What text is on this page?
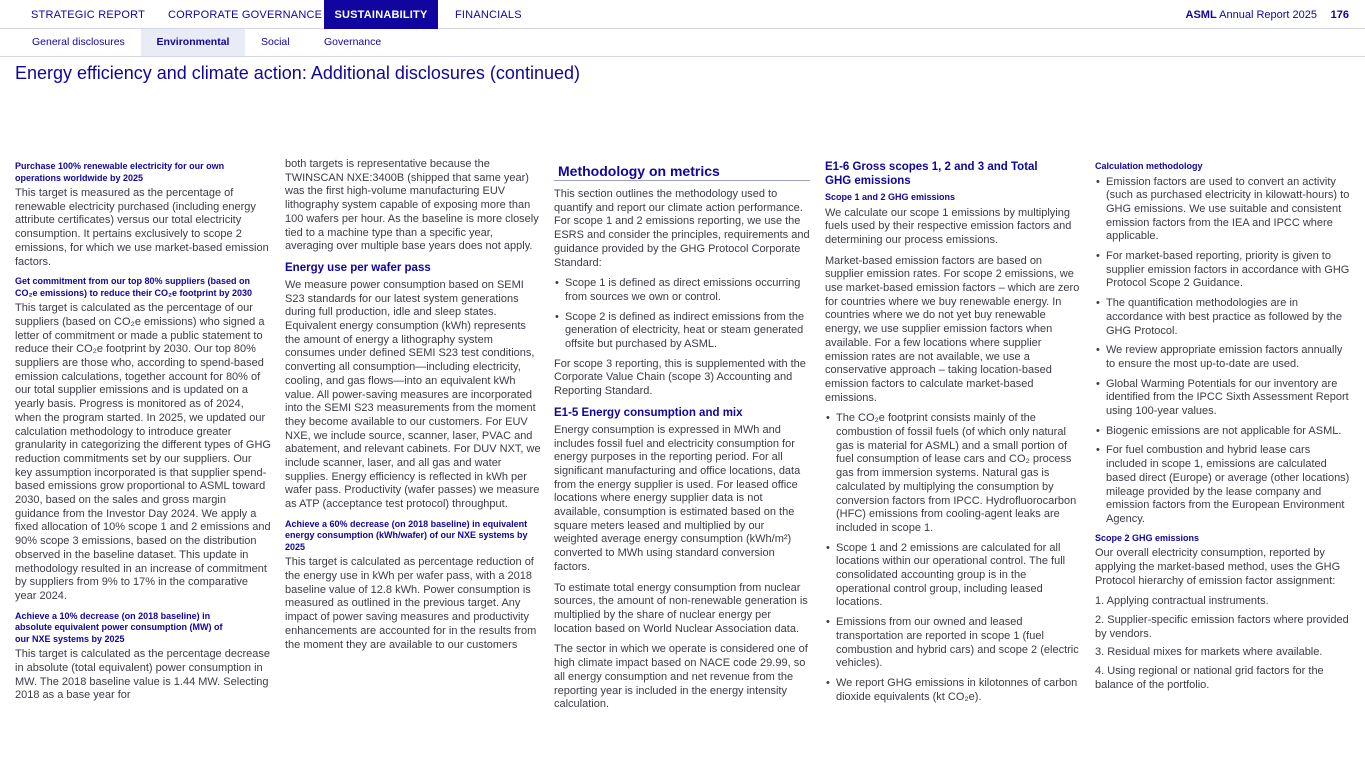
STRATEGIC REPORT CORPORATE GOVERNANCE	SUSTAINABILITY	FINANCIALS	ASML Annual Report 2025 176
General disclosures	Environmental	Social	Governance
Energy efficiency and climate action: Additional disclosures (continued)
Purchase 100% renewable electricity for our own operations worldwide by 2025

This target is measured as the percentage of renewable electricity purchased (including energy attribute certificates) versus our total electricity consumption. It pertains exclusively to scope 2 emissions, for which we use market-based emission factors.

Get commitment from our top 80% suppliers (based on CO₂e emissions) to reduce their CO₂e footprint by 2030

This target is calculated as the percentage of our suppliers (based on CO₂e emissions) who signed a letter of commitment or made a public statement to reduce their CO₂e footprint by 2030. Our top 80% suppliers are those who, according to spend-based emission calculations, together account for 80% of our total supplier emissions and is updated on a yearly basis. Progress is monitored as of 2024, when the program started. In 2025, we updated our calculation methodology to introduce greater granularity in categorizing the different types of GHG reduction commitments set by our suppliers. Our key assumption incorporated is that supplier spend-based emissions grow proportional to ASML toward 2030, based on the sales and gross margin guidance from the Investor Day 2024. We apply a fixed allocation of 10% scope 1 and 2 emissions and 90% scope 3 emissions, based on the distribution observed in the baseline dataset. This update in methodology resulted in an increase of commitment by suppliers from 9% to 17% in the comparative year 2024.

Achieve a 10% decrease (on 2018 baseline) in absolute equivalent power consumption (MW) of our NXE systems by 2025

This target is calculated as the percentage decrease in absolute (total equivalent) power consumption in MW. The 2018 baseline value is 1.44 MW. Selecting 2018 as a base year for

both targets is representative because the TWINSCAN NXE:3400B (shipped that same year) was the first high-volume manufacturing EUV lithography system capable of exposing more than 100 wafers per hour. As the baseline is more closely tied to a machine type than a specific year, averaging over multiple base years does not apply.

Energy use per wafer pass

We measure power consumption based on SEMI S23 standards for our latest system generations during full production, idle and sleep states. Equivalent energy consumption (kWh) represents the amount of energy a lithography system consumes under defined SEMI S23 test conditions, converting all consumption—including electricity, cooling, and gas flows—into an equivalent kWh value. All power-saving measures are incorporated into the SEMI S23 measurements from the moment they become available to our customers. For EUV NXE, we include source, scanner, laser, PVAC and abatement, and relevant cabinets. For DUV NXT, we include scanner, laser, and all gas and water supplies. Energy efficiency is reflected in kWh per wafer pass. Productivity (wafer passes) we measure as ATP (acceptance test protocol) throughput.

Achieve a 60% decrease (on 2018 baseline) in equivalent energy consumption (kWh/wafer) of our NXE systems by 2025

This target is calculated as percentage reduction of the energy use in kWh per wafer pass, with a 2018 baseline value of 12.8 kWh. Power consumption is measured as outlined in the previous target. Any impact of power saving measures and productivity enhancements are accounted for in the results from the moment they are available to our customers

Methodology on metrics

This section outlines the methodology used to quantify and report our climate action performance. For scope 1 and 2 emissions reporting, we use the ESRS and consider the principles, requirements and guidance provided by the GHG Protocol Corporate Standard:

• Scope 1 is defined as direct emissions occurring from sources we own or control.
• Scope 2 is defined as indirect emissions from the generation of electricity, heat or steam generated offsite but purchased by ASML.

For scope 3 reporting, this is supplemented with the Corporate Value Chain (scope 3) Accounting and Reporting Standard.

E1-5 Energy consumption and mix

Energy consumption is expressed in MWh and includes fossil fuel and electricity consumption for energy purposes in the reporting period. For all significant manufacturing and office locations, data from the energy supplier is used. For leased office locations where energy supplier data is not available, consumption is estimated based on the square meters leased and multiplied by our weighted average energy consumption (kWh/m²) converted to MWh using standard conversion factors.

To estimate total energy consumption from nuclear sources, the amount of non-renewable generation is multiplied by the share of nuclear energy per location based on World Nuclear Association data.

The sector in which we operate is considered one of high climate impact based on NACE code 29.99, so all energy consumption and net revenue from the reporting year is included in the energy intensity calculation.

E1-6 Gross scopes 1, 2 and 3 and Total GHG emissions
Scope 1 and 2 GHG emissions

We calculate our scope 1 emissions by multiplying fuels used by their respective emission factors and determining our process emissions.

Market-based emission factors are based on supplier emission rates. For scope 2 emissions, we use market-based emission factors – which are zero for countries where we buy renewable energy. In countries where we do not yet buy renewable energy, we use supplier emission factors when available. For a few locations where supplier emission rates are not available, we use a conservative approach – taking location-based emission factors to calculate market-based emissions.

• The CO₂e footprint consists mainly of the combustion of fossil fuels (of which only natural gas is material for ASML) and a small portion of fuel consumption of lease cars and CO₂ process gas from immersion systems. Natural gas is calculated by multiplying the consumption by conversion factors from IPCC. Hydrofluorocarbon (HFC) emissions from cooling-agent leaks are included in scope 1.
• Scope 1 and 2 emissions are calculated for all locations within our operational control. The full consolidated accounting group is in the operational control group, including leased locations.
• Emissions from our owned and leased transportation are reported in scope 1 (fuel combustion and hybrid cars) and scope 2 (electric vehicles).
• We report GHG emissions in kilotonnes of carbon dioxide equivalents (kt CO₂e).
Calculation methodology
• Emission factors are used to convert an activity (such as purchased electricity in kilowatt-hours) to GHG emissions. We use suitable and consistent emission factors from the IEA and IPCC where applicable.
• For market-based reporting, priority is given to supplier emission factors in accordance with GHG Protocol Scope 2 Guidance.
• The quantification methodologies are in accordance with best practice as followed by the GHG Protocol.
• We review appropriate emission factors annually to ensure the most up-to-date are used.
• Global Warming Potentials for our inventory are identified from the IPCC Sixth Assessment Report using 100-year values.
• Biogenic emissions are not applicable for ASML.
• For fuel combustion and hybrid lease cars included in scope 1, emissions are calculated based direct (Europe) or average (other locations) mileage provided by the lease company and emission factors from the European Environment Agency.
Scope 2 GHG emissions

Our overall electricity consumption, reported by applying the market-based method, uses the GHG Protocol hierarchy of emission factor assignment:

1. Applying contractual instruments.
2. Supplier-specific emission factors where provided by vendors.
3. Residual mixes for markets where available.
4. Using regional or national grid factors for the balance of the portfolio.
